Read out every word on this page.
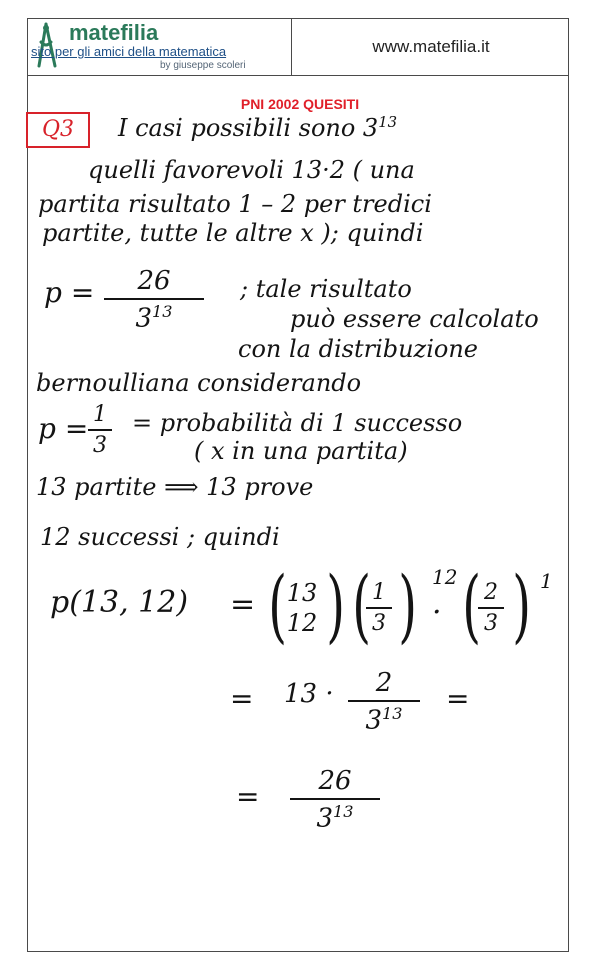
matefilia
sito per gli amici della matematica
by giuseppe scoleri
www.matefilia.it
PNI 2002 QUESITI
Q3	I casi possibili sono $3^{13}$
quelli favorevoli 13·2 ( una
partita risultato 1 – 2 per tredici
partite, tutte le altre x ); quindi
p =	26
$3^{13}$
; tale risultato
può essere calcolato
con la distribuzione
bernoulliana considerando
p = 1
3
= probabilità di 1 successo
( x in una partita)
13 partite ⟹ 13 prove
12 successi ; quindi
p(13, 12) = ( 13
12 ) ( 1
3 ) 12
· ( 2
3 ) 1
= 13 ·	2
$3^{13}$	=
=	26
$3^{13}$
